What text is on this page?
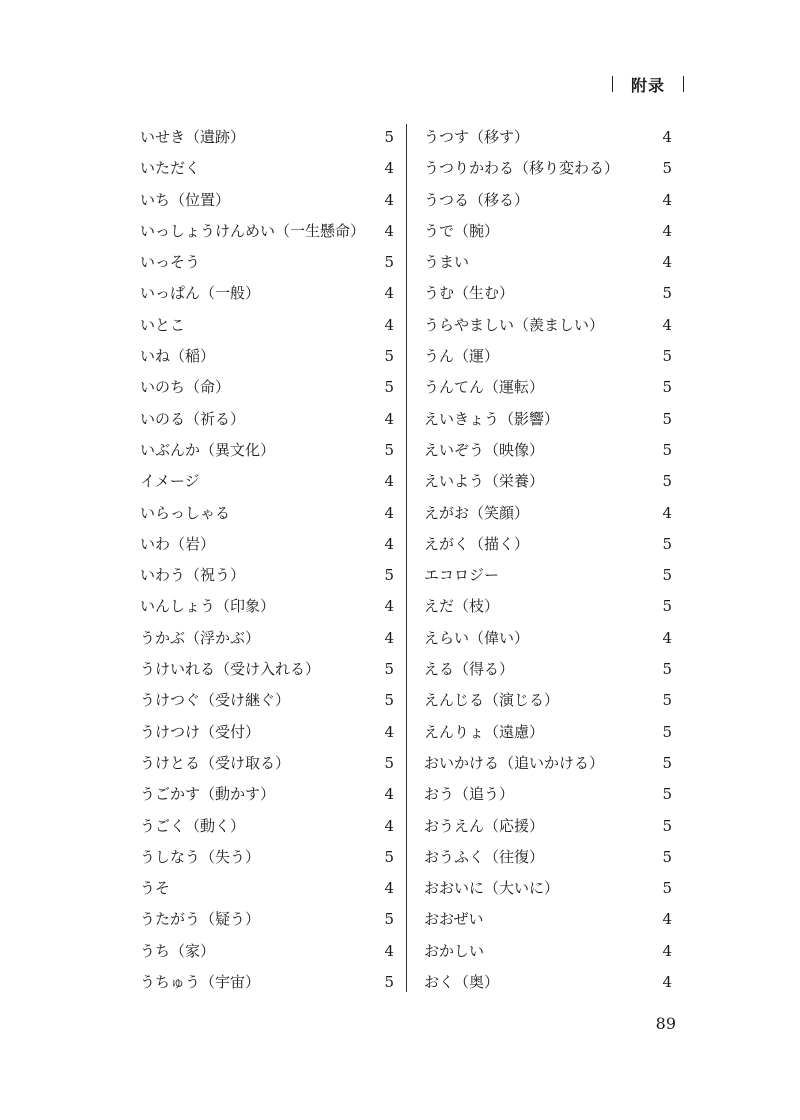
附录
いせき（遺跡）	5
いただく	4
いち（位置）	4
いっしょうけんめい（一生懸命） 4
いっそう	5
いっぱん（一般）	4
いとこ	4
いね（稲）	5
いのち（命）	5
いのる（祈る）	4
いぶんか（異文化）	5
イメージ	4
いらっしゃる	4
いわ（岩）	4
いわう（祝う）	5
いんしょう（印象）	4
うかぶ（浮かぶ）	4
うけいれる（受け入れる）	5
うけつぐ（受け継ぐ）	5
うけつけ（受付）	4
うけとる（受け取る）	5
うごかす（動かす）	4
うごく（動く）	4
うしなう（失う）	5
うそ	4
うたがう（疑う）	5
うち（家）	4
うちゅう（宇宙）	5
うつす（移す）	4
うつりかわる（移り変わる）	5
うつる（移る）	4
うで（腕）	4
うまい	4
うむ（生む）	5
うらやましい（羨ましい）	4
うん（運）	5
うんてん（運転）	5
えいきょう（影響）	5
えいぞう（映像）	5
えいよう（栄養）	5
えがお（笑顔）	4
えがく（描く）	5
エコロジー	5
えだ（枝）	5
えらい（偉い）	4
える（得る）	5
えんじる（演じる）	5
えんりょ（遠慮）	5
おいかける（追いかける）	5
おう（追う）	5
おうえん（応援）	5
おうふく（往復）	5
おおいに（大いに）	5
おおぜい	4
おかしい	4
おく（奥）	4
89
